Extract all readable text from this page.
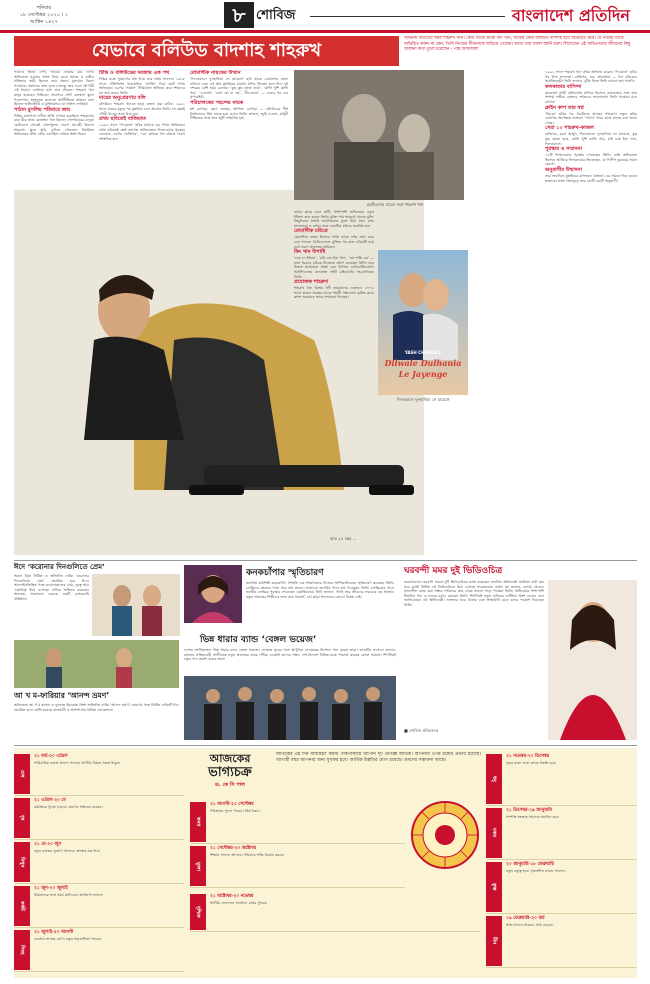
শনিবার
১৮ সেপ্টেম্বর ২০২০ । ২ আশ্বিন ১৪২৭	৮ শোবিজ	বাংলাদেশ প্রতিদিন
যেভাবে বলিউড বাদশাহ শাহরুখ
অভিনয় জগতের ঈশ্বর শাহরুখ খান। কেউ তাকে ডাকে কিং খান, আবার কেউ বলিউড বাদশাহ হয়ে অভিহিত করে। যে নামেই তাকে অভিহিত করুন না কেন, তিনি নিজের সীমানাকে ছাড়িয়ে গেছেন। আজ তার সফল জার্নি শুরু। লিখেছেন এই অভিনেতার জীবনের কিছু অজানা কথা তুলে ধরেছেন - পান্থ আফজাল
পাঠানে জিন্মা দেখি, আবার তোমার মায় দেখি। অভিনেতা হওয়ার প্রসঙ্গ নিয়ে মেয়ে সমাজ ও বাউল প্রতিভার স্বামী ছিলেন তার প্রভাব মূল্যায়ন বিরূপ পাওয়ার। সন্তানের জন্ম হতে চলেছে তার ফলে আগামী এই সামান্য ব্যর্থতার কথা তার জীবনে। শাহরুখ খান মানুষ হয়েছেন দিল্লিতে; তারপরে সেন্ট কলম্বাস স্কুলে পড়াশোনা, হংসরাজ কলেজে অর্থনীতিতে স্নাতক। বাবা ছিলেন আইনজীবী ও মুক্তিযোদ্ধা; মা লতিফ ফাতিমা।
পাঠান মুসলিম পরিবারে জন্ম
দিল্লির রাজপথে দাদীমা আমি এখানে হয়েছিল। শাহরুখের বাবা মীর তাজ মোহাম্মদ খান ছিলেন পেশোয়ারের মানুষ। ছোটবেলা থেকেই খেলাধুলায় দারুণ আগ্রহী ছিলেন শাহরুখ। স্কুলে হকি, ফুটবল খেলতেন নিয়মিত। অভিনয়ের প্রতি ঝোঁক এসেছিল নাটকে অংশ নিয়ে।
টিভি ও বলিউডের দরজায় এক পথ
দিল্লির মঞ্চে সুযোগের মধ্য দিয়ে তার প্রথম সাফল্য। ১৯৮৮ সালে টেলিভিশন ধারাবাহিক ‘ফৌজি’ দিয়ে ছোট পর্দায় অভিষেক। এরপর ‘সার্কাস’ সিরিয়ালে অভিনয় করে দর্শকদের মন জয় করেন তিনি।
মায়ের অনুপ্রেরণায় বলি
বলিউডে শাহরুখ খানকে ছাড়া কল্পনা করা কঠিন। ১৯৯১ সালে মায়ের মৃত্যুর পর মুম্বাইয়ে চলে আসেন তিনি। সে বছরই গৌরী খানের সঙ্গে বিয়ে হয়।
প্রথম ছবিতেই বাজিমাত
১৯৯২ সালে ‘দিওয়ানা’ ছবির মাধ্যমে বড় পর্দায় অভিষেক। প্রথম ছবিতেই শ্রেষ্ঠ নবাগত অভিনেতার ফিল্মফেয়ার পুরস্কার জেতেন। এরপর ‘বাজিগর’, ‘ডর’ ছবিতে খল চরিত্রে দারুণ প্রশংসিত হন।
রোমান্টিক নায়কের উত্থান
‘দিলওয়ালে দুলহানিয়া লে যায়েঙ্গে’ ছবি তাকে রোমান্সের রাজা বানিয়ে দেয়। এই ছবি মুম্বাইয়ের মারাঠা মন্দির সিনেমা হলে টানা দুই দশকের বেশি সময় চলেছে। ‘কুছ কুছ হোতা হ্যায়’, ‘কাভি খুশি কাভি গাম’, ‘দেবদাস’, ‘কাল হো না হো’, ‘বীর-জারা’ — একের পর এক সুপারহিট।
পরিচালকের পছন্দের নায়ক
যশ চোপড়া, করণ জোহর, আদিত্য চোপড়া — বলিউডের শীর্ষ নির্মাতাদের প্রিয় নায়ক হয়ে ওঠেন তিনি। কাজল, জুহি চাওলা, মাধুরী দীক্ষিতের সঙ্গে তার জুটি দর্শকপ্রিয় হয়।
ছোটবেলায় মায়ের সঙ্গে শাহরুখ খান
বাবার কাছে শুনে হাঁটি, পাশাপাশি অভিনয়ের নতুন ইনিংস শুরু করেন তিনি। মুক্তি পায় শাহরুখ খানের মুভি। কিছুদিনের মধ্যেই জনপ্রিয়তার তুঙ্গে উঠে যান। রাজ মালহোত্রা ও রাহুল নামে একাধিক চরিত্রে জনপ্রিয় হন।
রোমান্টিক চরিত্রে
রোমান্টিক নায়ক হিসেবে পর্দায় তাকে দর্শক গ্রহণ করে নেয় সাদরে। ডিডিএলজে মুক্তির পর রাজ চরিত্রটি হয়ে ওঠে তরুণ প্রজন্মের আইকন।
কিং খান উপাধি
‘চাক দে ইন্ডিয়া’, ‘মাই নেম ইজ খান’, ‘ওম শান্তি ওম’ — নানা ধরনের চরিত্রে নিজেকে প্রমাণ করেছেন তিনি। তার নিজস্ব প্রযোজনা সংস্থা রেড চিলিজ এন্টারটেইনমেন্ট। আইপিএলের কলকাতা নাইট রাইডার্সের সহ-মালিকও তিনি।
প্রযোজক শাহরুখ
শাহরুখ খান বিশ্বের ধনী তারকাদের একজন। ২০০৫ সালে ভারত সরকার তাকে পদ্মশ্রী সম্মাননায় ভূষিত করে। ফ্রান্স সরকারও তাকে সম্মাননা দিয়েছে।
আর ২৫ বছর ...
YASH CHOPRA'S
Dilwale Dulhania
Le Jayenge
দিলওয়ালে দুলহানিয়া লে যায়েঙ্গে
১৯৯২ সালে শাহরুখ খান প্রথম অভিনয় করেন। ‘দিওয়ানা’ ছবির পর টানা সফলতা। বাজিগর, ডর, আনজাম — খল চরিত্রেও অপ্রতিদ্বন্দ্বী। তিনি জানান, ঝুঁকি নিতে তিনি কখনো ভয় পাননি।
কলকাতার বাসিন্দা
কলকাতা নাইট রাইডার্সের মালিক হিসেবে কলকাতার সঙ্গে তার সম্পর্ক গভীর। বাংলার দর্শকদের ভালোবাসা তিনি সবসময় মনে রাখেন।
ক্লাইন কাপ তার স্বপ্ন
‘জিরো’ ছবির পর বিরতিতে আছেন শাহরুখ। নতুন ছবির ঘোষণার অপেক্ষায় ভক্তরা। ‘পাঠান’ নিয়ে কাজ চলছে বলে জানা গেছে।
সেরা ১০ শাহরুখ-কাজল
বাজিগর, করণ অর্জুন, দিলওয়ালে দুলহানিয়া লে যায়েঙ্গে, কুছ কুছ হোতা হ্যায়, কাভি খুশি কাভি গাম, মাই নেম ইজ খান, দিলওয়ালে।
পুরস্কার ও সম্মাননা
১৪টি ফিল্মফেয়ার পুরস্কার পেয়েছেন তিনি। শ্রেষ্ঠ অভিনেতা হিসেবে আটবার ফিল্মফেয়ার জিতেছেন, যা দিলীপ কুমারের সমান রেকর্ড।
অনুরাগীর উন্মাদনা
তার জন্মদিনে মুম্বাইয়ের বাসভবন ‘মান্নাত’-এর সামনে ভিড় করেন হাজারো ভক্ত। বিশ্বজুড়ে তার কোটি কোটি অনুরাগী।
ঈদে ‘করোনার দিনগুলিতে প্রেম’
অনন্য ইমন নির্মিত ও অভিনীত নাটক ‘করোনার দিনগুলিতে প্রেম’ প্রচারিত হবে ঈদে। অনলাইনভিত্তিক গল্পে করোনাকালের প্রেম, দূরত্ব আর একাকিত্ব উঠে এসেছে। নাটকে অভিনয় করেছেন অনেকে। প্রযোজনা করেছে একটি বেসরকারি প্রতিষ্ঠান।
আ খ ম-ফারিয়ার ‘আনন্দ ভ্রমণ’
অভিনেতা আ খ ম হাসান ও নুসরাত ইমরোজ তিশা অভিনীত নাটক ‘আনন্দ ভ্রমণ’। ভ্রমণের গল্পে নির্মিত নাটকটি ঈদে প্রচারিত হবে। শুটিং হয়েছে রাজধানী ও আশপাশের বিভিন্ন লোকেশনে।
কনকচাঁপার স্মৃতিচারণ
জনপ্রিয় কণ্ঠশিল্পী কনকচাঁপা। সম্প্রতি এক সাক্ষাৎকারে নিজের সংগীতজীবনের স্মৃতিচারণ করেছেন তিনি। চলচ্চিত্রে প্লেব্যাক গানে তার কণ্ঠ অনন্য। হাজারো জনপ্রিয় গানে কণ্ঠ দিয়েছেন তিনি। চলচ্চিত্রের গানে জাতীয় চলচ্চিত্র পুরস্কার পেয়েছেন একাধিকবার। তিনি জানান, গানই তার জীবনের সবচেয়ে বড় আশ্রয়। নতুন প্রজন্মের শিল্পীদের জন্য তার পরামর্শ, চর্চা ছাড়া সাফল্যের কোনো বিকল্প নেই।
ভিন্ন ধারার ব্যান্ড ‘বেঙ্গল ভয়েজ’
দেশের সংগীতাঙ্গনে ভিন্ন ধারার ব্যান্ড বেঙ্গল ভয়েজ। লোকজ সুরের সঙ্গে আধুনিক বাদ্যযন্ত্রের মিশেলে গান করেন তারা। ব্যান্ডটির সদস্যরা জানান, বাংলার ঐতিহ্যবাহী সংগীতকে নতুন প্রজন্মের কাছে পৌঁছে দেওয়াই তাদের লক্ষ্য। দেশ-বিদেশে বিভিন্ন মঞ্চে পারফর্ম করেছে বেঙ্গল ভয়েজ। শিগগিরই নতুন গান প্রকাশ করবে তারা।
ঘরবন্দী মমর দুই ভিডিওচিত্র
করোনাকালে ঘরবন্দী সময়ে দুটি ভিডিওচিত্রে কাজ করেছেন জনপ্রিয় অভিনেত্রী জাকিয়া বারী মম। ঘরে বসেই নির্মিত এই ভিডিওচিত্রে উঠে এসেছে সচেতনতার বার্তা। মম জানান, বাসায় থেকেও সৃজনশীল কাজ করা সম্ভব। দর্শকদের কাছ থেকে ভালো সাড়া পাচ্ছেন তিনি। অভিনয়ের পাশাপাশি নিয়মিত গান ও নাচের চর্চাও করছেন তিনি। শিগগিরই নতুন নাটকের শুটিংয়ে অংশ নেবেন বলে জানিয়েছেন এই অভিনেত্রী। ভক্তদের ঘরে থাকার এবং স্বাস্থ্যবিধি মেনে চলার পরামর্শ দিয়েছেন তিনি।
■ শোবিজ প্রতিবেদক
আজকের
ভাগ্যচক্র
ড. কে সি পাল
জাতকের এই দিন জন্মগ্রহণ করায় পাকপাকায়ে আপনি দৃঢ় প্রতিজ্ঞ জাতক। আপনার ওপর চন্দ্রের প্রভাব রয়েছে। আগামী বছর আপনার জন্য সুখকর হবে। আর্থিক উন্নতির যোগ রয়েছে। ভ্রমণের সম্ভাবনা আছে।
মেষ
২১ মার্চ-২০ এপ্রিল
পারিবারিক কাজে আনন্দ পাবেন। আর্থিক বিষয়ে সতর্ক থাকুন।
বৃষ
২১ এপ্রিল-২০ মে
কর্মক্ষেত্রে সুনাম বাড়বে। ভ্রমণের সম্ভাবনা রয়েছে।
মিথুন
২১ মে-২০ জুন
নতুন কাজের সুযোগ আসবে। স্বাস্থ্যের যত্ন নিন।
কর্কট
২১ জুন-২০ জুলাই
প্রিয়জনের সঙ্গে সময় কাটাবেন। অর্থভাগ্য ভালো।
সিংহ
২১ জুলাই-২০ আগস্ট
ব্যবসায় লাভের যোগ। বন্ধুর সহযোগিতা পাবেন।
কন্যা
২১ আগস্ট-২০ সেপ্টেম্বর
পরিশ্রমের সুফল পাবেন। ধৈর্য ধরুন।
তুলা
২১ সেপ্টেম্বর-২০ অক্টোবর
শিক্ষায় সাফল্য আসবে। পরিবারে শান্তি বিরাজ করবে।
বৃশ্চিক
২১ অক্টোবর-২০ নভেম্বর
আর্থিক লেনদেনে সাবধান। প্রেমে সুখবর।
ধনু
২১ নভেম্বর-২০ ডিসেম্বর
দূরের যাত্রা শুভ। কাজে উন্নতি হবে।
মকর
২১ ডিসেম্বর-১৯ জানুয়ারি
সম্পত্তি সংক্রান্ত সমস্যার সমাধান হবে।
কুম্ভ
২০ জানুয়ারি-১৮ ফেব্রুয়ারি
নতুন বন্ধুত্ব হবে। সৃজনশীল কাজে সাফল্য।
মীন
১৯ ফেব্রুয়ারি-২০ মার্চ
স্বাস্থ্য ভালো থাকবে। আয় বাড়বে।
